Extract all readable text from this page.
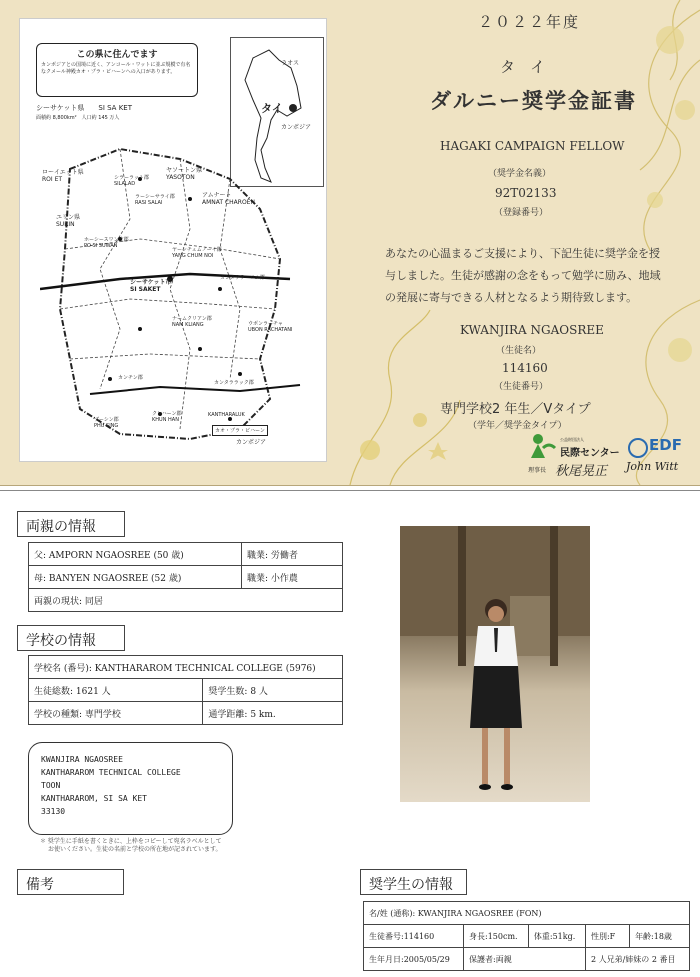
この県に住んでます
カンボジアとの国境に近く、アンコール・ワットに並ぶ規模で有名なクメール神殿カオ・プラ・ビハーンへの入口があります。
シーサケット県　　 SI SA KET
面積約 8,800km²　人口約 145 万人
ラオス
タイ
カンボジア
ローイエット県
ROI ET
ヤソートン県
YASOTON
シラーラット郡
SILALAD
ラーシーサライ郡
RASI SALAI
アムナート
AMNAT CHAROEN
ユリン県
SURIN
ホーシースワン支郡
PO SI SUWAN
ヤーンチュムノーイ郡
YANG CHUM NOI
カンタララーロム郡
シーサケット市
SI SAKET
ナームクリアン郡
NAM KLIANG	ウボンラーチャ
UBON RACHATANI
カンタララック郡
カンチン郡
ブーシン郡
PHU SING
クンハーン郡
KHUN HAN
KANTHARALUK
カオ・プラ・ビハーン
カンボジア
２０２２年度
タ　イ
ダルニー奨学金証書
HAGAKI CAMPAIGN FELLOW
（奨学金名義）
92T02133
（登録番号）
あなたの心温まるご支援により、下記生徒に奨学金を授
与しました。生徒が感謝の念をもって勉学に励み、地域
の発展に寄与できる人材となるよう期待致します。
KWANJIRA NGAOSREE
（生徒名）
114160
（生徒番号）
専門学校2 年生／Vタイプ
（学年／奨学金タイプ）
公益財団法人
民際センター
理事長 秋尾晃正
EDF
John Witt
両親の情報
父: AMPORN NGAOSREE (50 歳)	職業: 労働者
母: BANYEN NGAOSREE (52 歳)	職業: 小作農
両親の現状: 同居	
学校の情報
学校名 (番号): KANTHARAROM TECHNICAL COLLEGE (5976)	
生徒総数: 1621 人	奨学生数: 8 人
学校の種類: 専門学校	通学距離: 5 km.
KWANJIRA NGAOSREE
KANTHARAROM TECHNICAL COLLEGE
TOON
KANTHARAROM, SI SA KET
33130
＊ 奨学生に手紙を書くときに、上枠をコピーして宛名ラベルとして
お使いください。生徒の名前と学校の所在地が記されています。
備考	奨学生の情報
名/姓 (通称): KWANJIRA NGAOSREE (FON)				
生徒番号:114160	身長:150cm.	体重:51kg.	性別:F	年齢:18歳
生年月日:2005/05/29	保護者:両親		2 人兄弟/姉妹の 2 番目	
